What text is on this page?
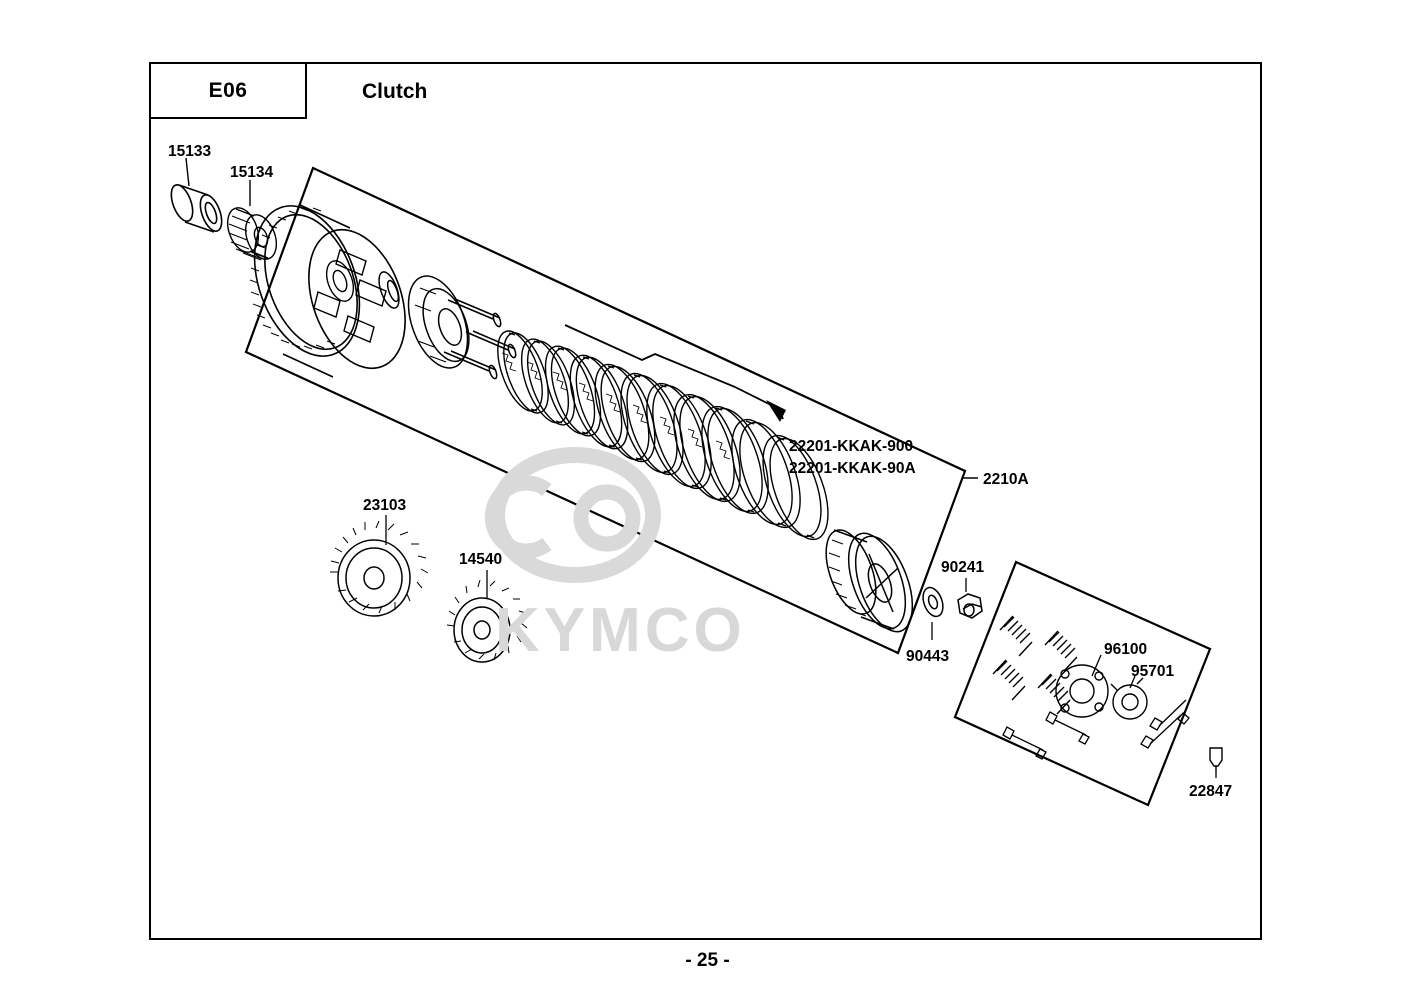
KYMCO
E06	Clutch
15133
15134
23103
14540
22201-KKAK-900
22201-KKAK-90A
2210A
90241
90443	96100
95701
22847
- 25 -
